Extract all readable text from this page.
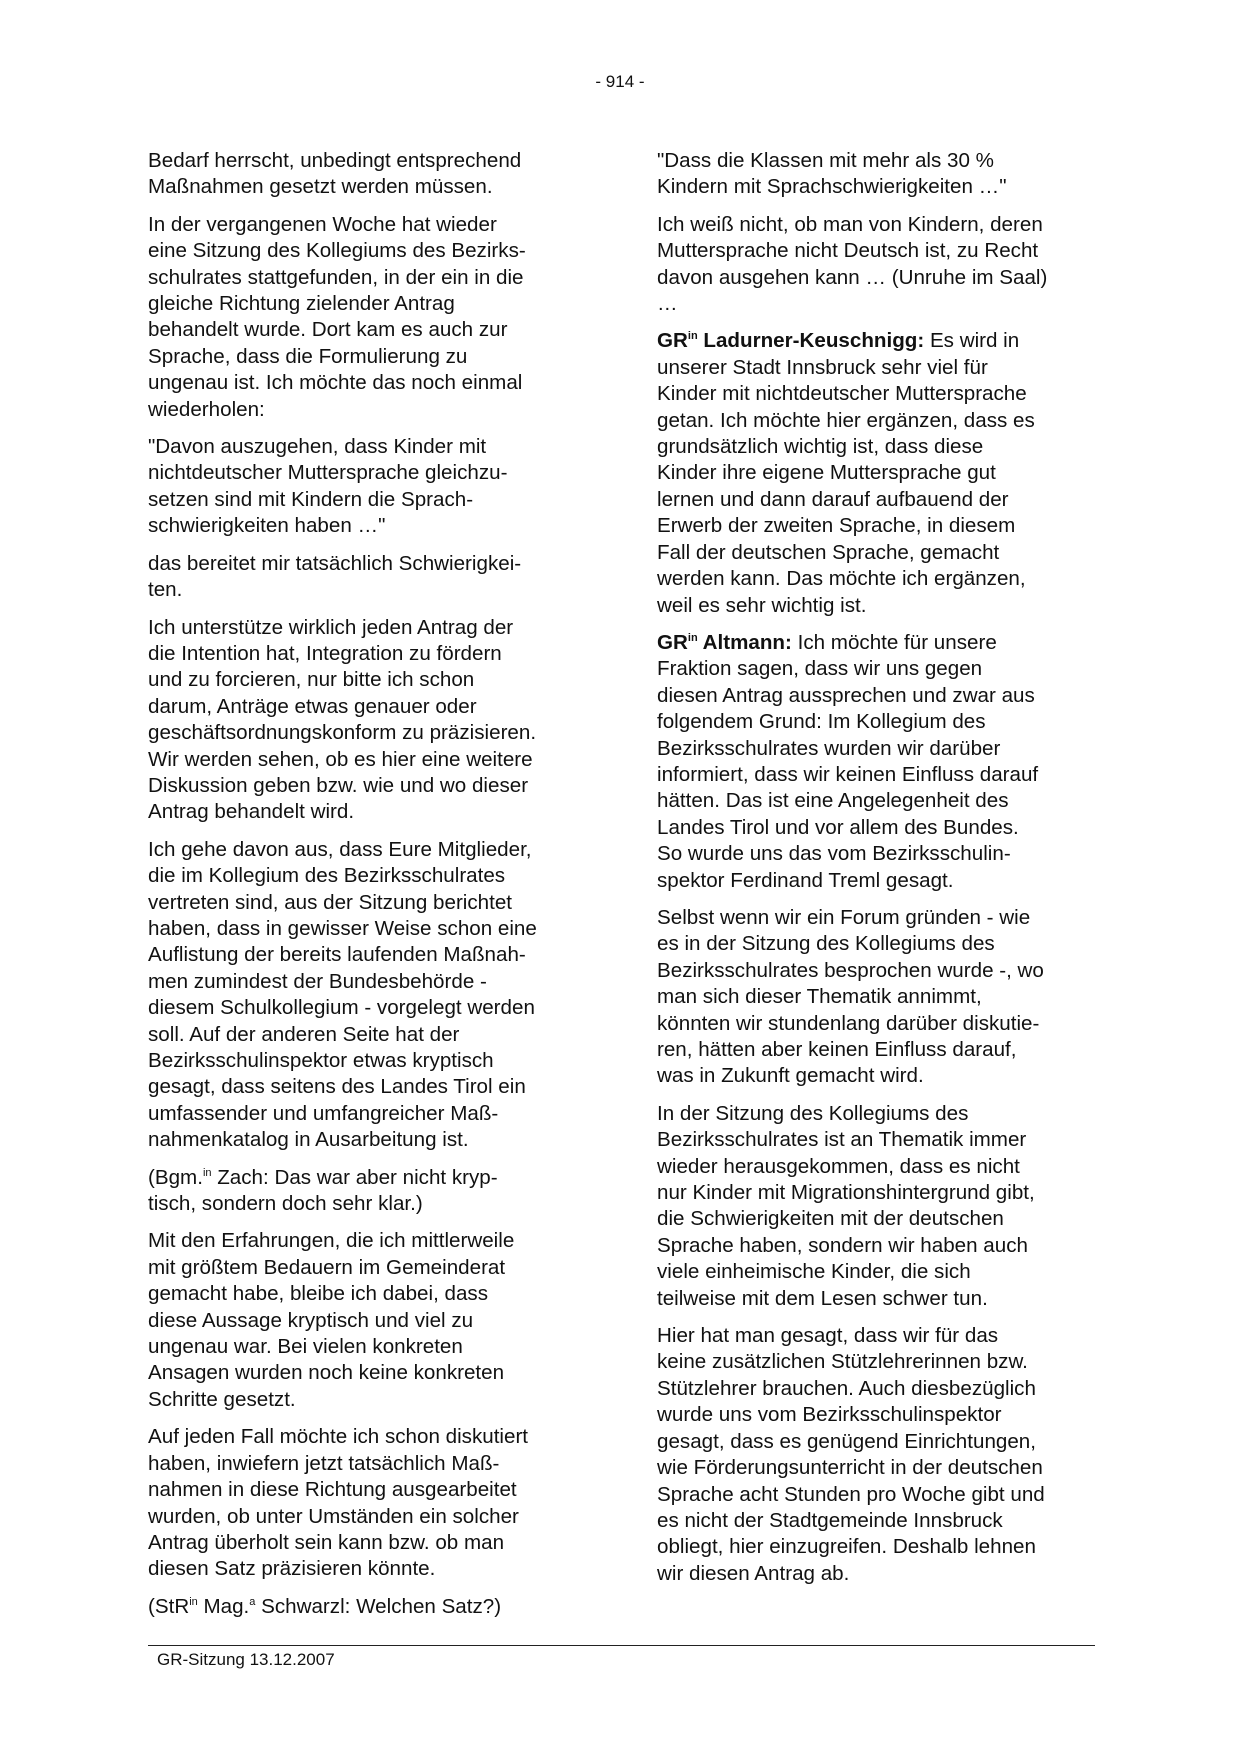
- 914 -

Bedarf herrscht, unbedingt entsprechend
Maßnahmen gesetzt werden müssen.

In der vergangenen Woche hat wieder
eine Sitzung des Kollegiums des Bezirks-
schulrates stattgefunden, in der ein in die
gleiche Richtung zielender Antrag
behandelt wurde. Dort kam es auch zur
Sprache, dass die Formulierung zu
ungenau ist. Ich möchte das noch einmal
wiederholen:

"Davon auszugehen, dass Kinder mit
nichtdeutscher Muttersprache gleichzu-
setzen sind mit Kindern die Sprach-
schwierigkeiten haben …"

das bereitet mir tatsächlich Schwierigkei-
ten.

Ich unterstütze wirklich jeden Antrag der
die Intention hat, Integration zu fördern
und zu forcieren, nur bitte ich schon
darum, Anträge etwas genauer oder
geschäftsordnungskonform zu präzisieren.
Wir werden sehen, ob es hier eine weitere
Diskussion geben bzw. wie und wo dieser
Antrag behandelt wird.

Ich gehe davon aus, dass Eure Mitglieder,
die im Kollegium des Bezirksschulrates
vertreten sind, aus der Sitzung berichtet
haben, dass in gewisser Weise schon eine
Auflistung der bereits laufenden Maßnah-
men zumindest der Bundesbehörde -
diesem Schulkollegium - vorgelegt werden
soll. Auf der anderen Seite hat der
Bezirksschulinspektor etwas kryptisch
gesagt, dass seitens des Landes Tirol ein
umfassender und umfangreicher Maß-
nahmenkatalog in Ausarbeitung ist.

(Bgm.$^{in}$ Zach: Das war aber nicht kryp-
tisch, sondern doch sehr klar.)

Mit den Erfahrungen, die ich mittlerweile
mit größtem Bedauern im Gemeinderat
gemacht habe, bleibe ich dabei, dass
diese Aussage kryptisch und viel zu
ungenau war. Bei vielen konkreten
Ansagen wurden noch keine konkreten
Schritte gesetzt.

Auf jeden Fall möchte ich schon diskutiert
haben, inwiefern jetzt tatsächlich Maß-
nahmen in diese Richtung ausgearbeitet
wurden, ob unter Umständen ein solcher
Antrag überholt sein kann bzw. ob man
diesen Satz präzisieren könnte.

(StR$^{in}$ Mag.$^a$ Schwarzl: Welchen Satz?)

"Dass die Klassen mit mehr als 30 %
Kindern mit Sprachschwierigkeiten …"

Ich weiß nicht, ob man von Kindern, deren
Muttersprache nicht Deutsch ist, zu Recht
davon ausgehen kann … (Unruhe im Saal)
…

$GR^{in}$ Ladurner-Keuschnigg: Es wird in
unserer Stadt Innsbruck sehr viel für
Kinder mit nichtdeutscher Muttersprache
getan. Ich möchte hier ergänzen, dass es
grundsätzlich wichtig ist, dass diese
Kinder ihre eigene Muttersprache gut
lernen und dann darauf aufbauend der
Erwerb der zweiten Sprache, in diesem
Fall der deutschen Sprache, gemacht
werden kann. Das möchte ich ergänzen,
weil es sehr wichtig ist.

$GR^{in}$ Altmann: Ich möchte für unsere
Fraktion sagen, dass wir uns gegen
diesen Antrag aussprechen und zwar aus
folgendem Grund: Im Kollegium des
Bezirksschulrates wurden wir darüber
informiert, dass wir keinen Einfluss darauf
hätten. Das ist eine Angelegenheit des
Landes Tirol und vor allem des Bundes.
So wurde uns das vom Bezirksschulin-
spektor Ferdinand Treml gesagt.

Selbst wenn wir ein Forum gründen - wie
es in der Sitzung des Kollegiums des
Bezirksschulrates besprochen wurde -, wo
man sich dieser Thematik annimmt,
könnten wir stundenlang darüber diskutie-
ren, hätten aber keinen Einfluss darauf,
was in Zukunft gemacht wird.

In der Sitzung des Kollegiums des
Bezirksschulrates ist an Thematik immer
wieder herausgekommen, dass es nicht
nur Kinder mit Migrationshintergrund gibt,
die Schwierigkeiten mit der deutschen
Sprache haben, sondern wir haben auch
viele einheimische Kinder, die sich
teilweise mit dem Lesen schwer tun.

Hier hat man gesagt, dass wir für das
keine zusätzlichen Stützlehrerinnen bzw.
Stützlehrer brauchen. Auch diesbezüglich
wurde uns vom Bezirksschulinspektor
gesagt, dass es genügend Einrichtungen,
wie Förderungsunterricht in der deutschen
Sprache acht Stunden pro Woche gibt und
es nicht der Stadtgemeinde Innsbruck
obliegt, hier einzugreifen. Deshalb lehnen
wir diesen Antrag ab.

GR-Sitzung 13.12.2007
